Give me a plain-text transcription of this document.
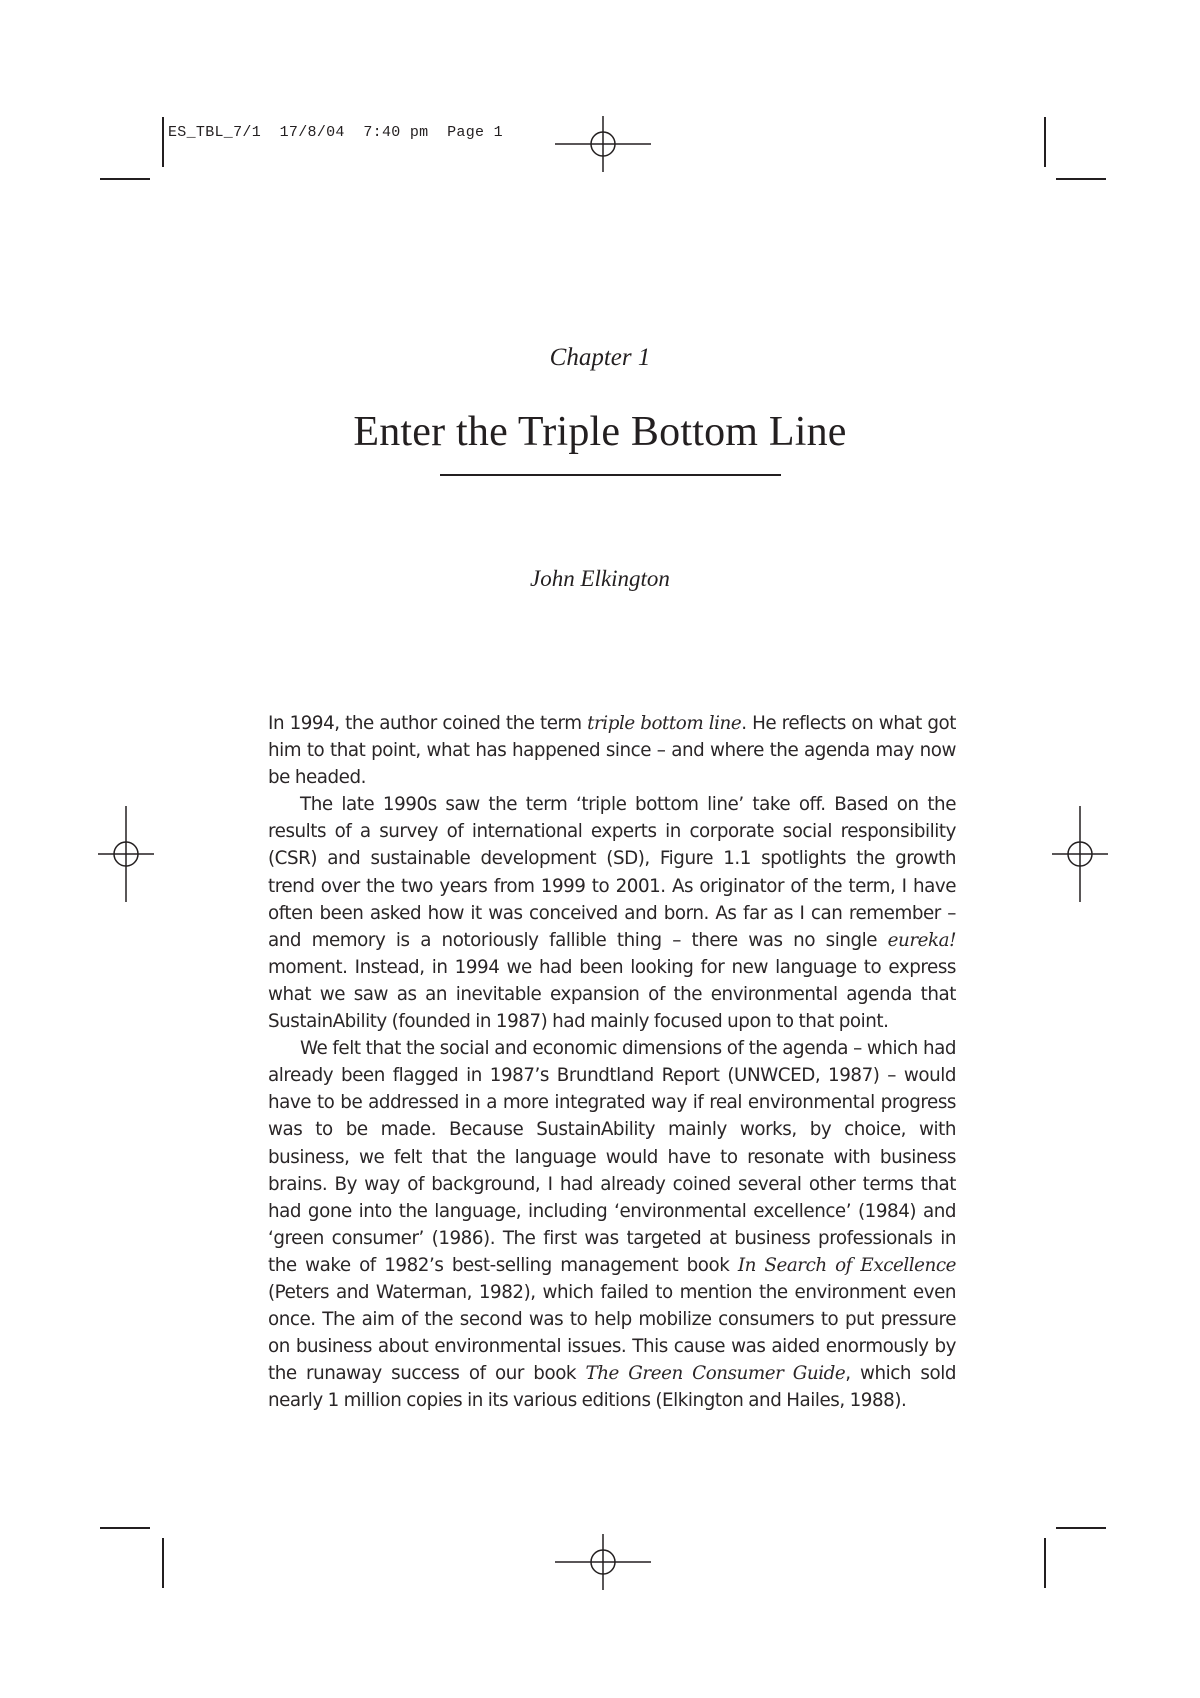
ES_TBL_7/1 17/8/04 7:40 pm Page 1

Chapter 1

Enter the Triple Bottom Line

John Elkington

In 1994, the author coined the term triple bottom line. He reflects on what got him to that point, what has happened since – and where the agenda may now be headed.

The late 1990s saw the term ‘triple bottom line’ take off. Based on the results of a survey of international experts in corporate social responsibility (CSR) and sustainable development (SD), Figure 1.1 spotlights the growth trend over the two years from 1999 to 2001. As originator of the term, I have often been asked how it was conceived and born. As far as I can remember – and memory is a notoriously fallible thing – there was no single eureka! moment. Instead, in 1994 we had been looking for new language to express what we saw as an inevitable expansion of the environmental agenda that SustainAbility (founded in 1987) had mainly focused upon to that point.

We felt that the social and economic dimensions of the agenda – which had already been flagged in 1987’s Brundtland Report (UNWCED, 1987) – would have to be addressed in a more integrated way if real environmental progress was to be made. Because SustainAbility mainly works, by choice, with business, we felt that the language would have to resonate with business brains. By way of background, I had already coined several other terms that had gone into the language, including ‘environmental excellence’ (1984) and ‘green consumer’ (1986). The first was targeted at business professionals in the wake of 1982’s best-selling management book In Search of Excellence (Peters and Waterman, 1982), which failed to mention the environment even once. The aim of the second was to help mobilize consumers to put pressure on business about environmental issues. This cause was aided enormously by the runaway success of our book The Green Consumer Guide, which sold nearly 1 million copies in its various editions (Elkington and Hailes, 1988).
